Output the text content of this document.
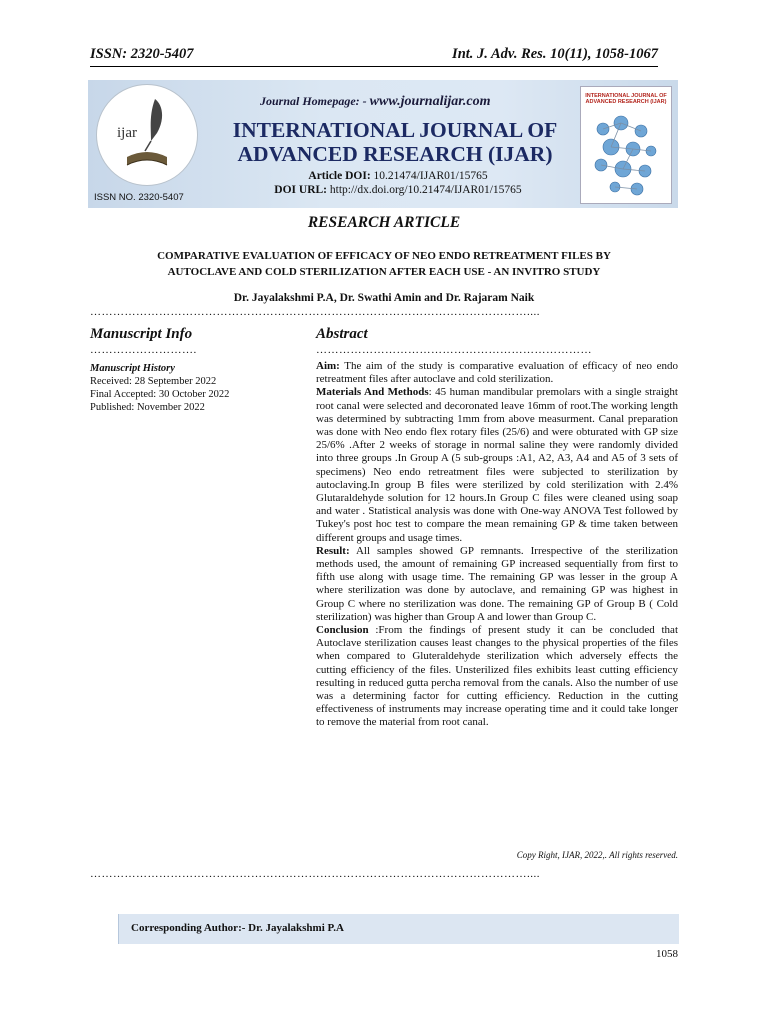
ISSN: 2320-5407	Int. J. Adv. Res. 10(11), 1058-1067
ijar
ISSN NO. 2320-5407
Journal Homepage: - www.journalijar.com
INTERNATIONAL JOURNAL OF
ADVANCED RESEARCH (IJAR)
Article DOI: 10.21474/IJAR01/15765
DOI URL: http://dx.doi.org/10.21474/IJAR01/15765
INTERNATIONAL JOURNAL OF ADVANCED RESEARCH (IJAR)
RESEARCH ARTICLE
COMPARATIVE EVALUATION OF EFFICACY OF NEO ENDO RETREATMENT FILES BY
AUTOCLAVE AND COLD STERILIZATION AFTER EACH USE - AN INVITRO STUDY
Dr. Jayalakshmi P.A, Dr. Swathi Amin and Dr. Rajaram Naik
……………………………………………………………………………………………………....
Manuscript Info	Abstract
……………………….	………………………………………………………………
Manuscript History
Received: 28 September 2022
Final Accepted: 30 October 2022
Published: November 2022

Aim: The aim of the study is comparative evaluation of efficacy of neo endo retreatment files after autoclave and cold sterilization.

Materials And Methods: 45 human mandibular premolars with a single straight root canal were selected and decoronated leave 16mm of root.The working length was determined by subtracting 1mm from above measurment. Canal preparation was done with Neo endo flex rotary files (25/6) and were obturated with GP size 25/6% .After 2 weeks of storage in normal saline they were randomly divided into three groups .In Group A (5 sub-groups :A1, A2, A3, A4 and A5 of 3 sets of specimens) Neo endo retreatment files were subjected to sterilization by autoclaving.In group B files were sterilized by cold sterilization with 2.4% Glutaraldehyde solution for 12 hours.In Group C files were cleaned using soap and water . Statistical analysis was done with One-way ANOVA Test followed by Tukey's post hoc test to compare the mean remaining GP & time taken between different groups and usage times.

Result: All samples showed GP remnants. Irrespective of the sterilization methods used, the amount of remaining GP increased sequentially from first to fifth use along with usage time. The remaining GP was lesser in the group A where sterilization was done by autoclave, and remaining GP was highest in Group C where no sterilization was done. The remaining GP of Group B ( Cold sterilization) was higher than Group A and lower than Group C.

Conclusion :From the findings of present study it can be concluded that Autoclave sterilization causes least changes to the physical properties of the files when compared to Gluteraldehyde sterilization which adversely effects the cutting efficiency of the files. Unsterilized files exhibits least cutting efficiency resulting in reduced gutta percha removal from the canals. Also the number of use was a determining factor for cutting efficiency. Reduction in the cutting effectiveness of instruments may increase operating time and it could take longer to remove the material from root canal.

Copy Right, IJAR, 2022,. All rights reserved.
……………………………………………………………………………………………………....
Corresponding Author:- Dr. Jayalakshmi P.A
1058
